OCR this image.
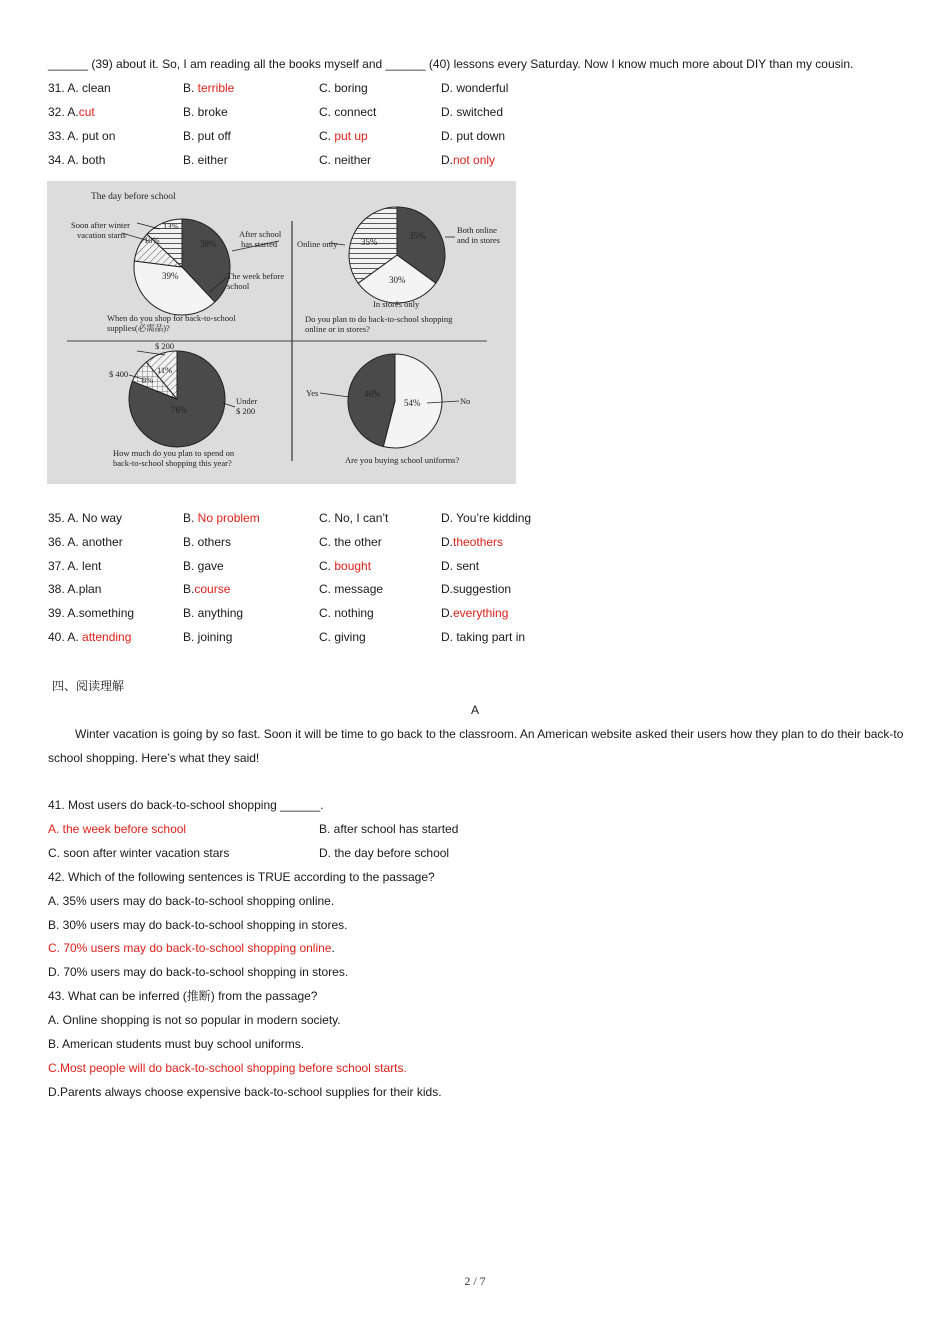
______ (39) about it. So, I am reading all the books myself and ______ (40) lessons every Saturday. Now I know much more about DIY than my cousin.
31. A. clean	B. terrible	C. boring	D. wonderful
32. A.cut	B. broke	C. connect	D. switched
33. A. put on	B. put off	C. put up	D. put down
34. A. both	B. either	C. neither	D.not only
The day before school
Soon after winter
vacation starts	After school
has started
The week before
school
13%
10%	38%
39%
When do you shop for back-to-school
supplies(必需品)?
Online only
Both online
and in stores
In stores only
35%
35%
30%
Do you plan to do back-to-school shopping
online or in stores?
$ 200
$ 400
Under
$ 200
8%
11%
76%
How much do you plan to spend on
back-to-school shopping this year?
Yes
No
46%
54%
Are you buying school uniforms?
35. A. No way	B. No problem	C. No, I can’t	D. You’re kidding
36. A. another	B. others	C. the other	D.theothers
37. A. lent	B. gave	C. bought	D. sent
38. A.plan	B.course	C. message	D.suggestion
39. A.something	B. anything	C. nothing	D.everything
40. A. attending	B. joining	C. giving	D. taking part in
四、阅读理解
A
Winter vacation is going by so fast. Soon it will be time to go back to the classroom. An American website asked their users how they plan to do their back-to
school shopping. Here’s what they said!
41. Most users do back-to-school shopping ______.
A. the week before school	B. after school has started
C. soon after winter vacation stars	D. the day before school
42. Which of the following sentences is TRUE according to the passage?
A. 35% users may do back-to-school shopping online.
B. 30% users may do back-to-school shopping in stores.
C. 70% users may do back-to-school shopping online.
D. 70% users may do back-to-school shopping in stores.
43. What can be inferred (推断) from the passage?
A. Online shopping is not so popular in modern society.
B. American students must buy school uniforms.
C.Most people will do back-to-school shopping before school starts.
D.Parents always choose expensive back-to-school supplies for their kids.
2 / 7
